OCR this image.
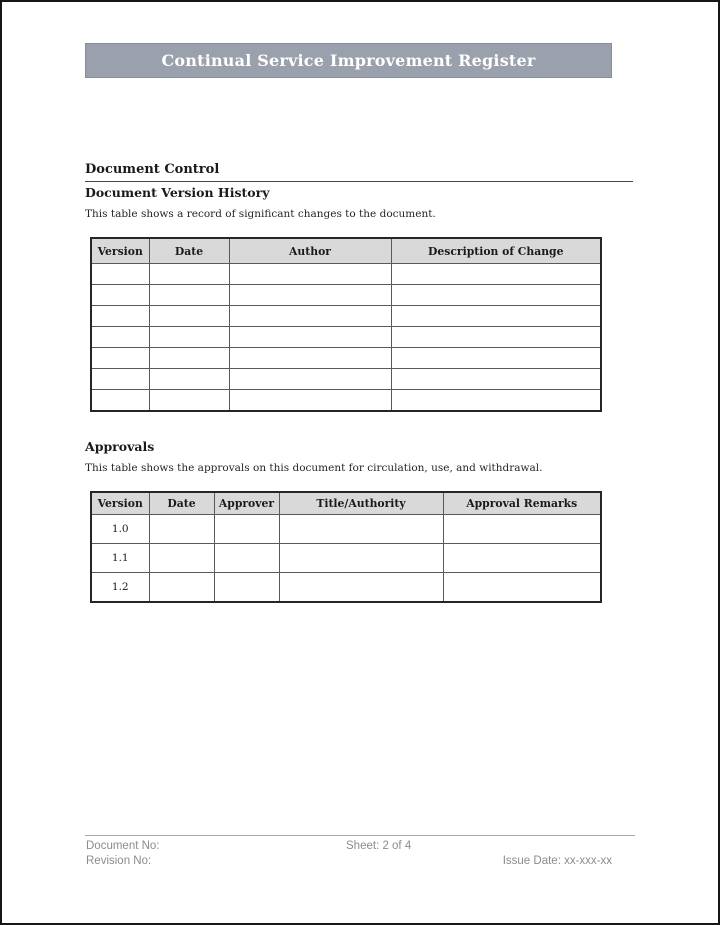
Continual Service Improvement Register
Document Control
Document Version History
This table shows a record of significant changes to the document.
Version	Date	Author	Description of Change

Approvals
This table shows the approvals on this document for circulation, use, and withdrawal.
Version	Date	Approver	Title/Authority	Approval Remarks
1.0				
1.1				
1.2				
Document No:	Sheet: 2 of 4
Revision No:	Issue Date: xx-xxx-xx
